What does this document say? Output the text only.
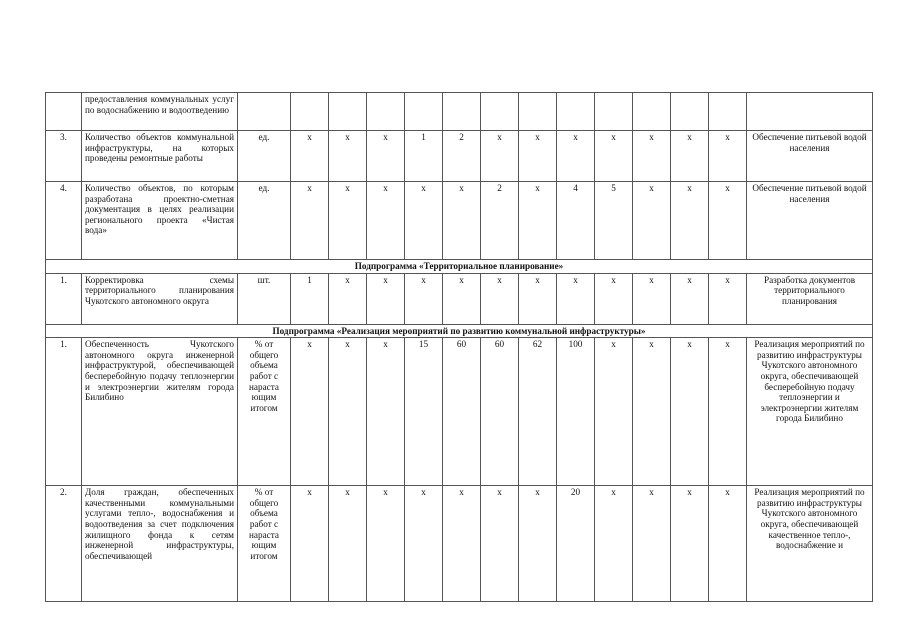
	предоставления коммунальных услуг по водоснабжению и водоотведению														
3.	Количество объектов коммунальной инфраструктуры, на которых проведены ремонтные работы	ед.	х	х	х	1	2	х	х	х	х	х	х	х	Обеспечение питьевой водой населения
4.	Количество объектов, по которым разработана проектно-сметная документация в целях реализации регионального проекта «Чистая вода»	ед.	х	х	х	х	х	2	х	4	5	х	х	х	Обеспечение питьевой водой населения
Подпрограмма «Территориальное планирование»															
1.	Корректировка схемы территориального планирования Чукотского автономного округа	шт.	1	х	х	х	х	х	х	х	х	х	х	х	Разработка документов территориального планирования
Подпрограмма «Реализация мероприятий по развитию коммунальной инфраструктуры»															
1.	Обеспеченность Чукотского автономного округа инженерной инфраструктурой, обеспечивающей бесперебойную подачу теплоэнергии и электроэнергии жителям города Билибино	% от общего объема работ с нараста ющим итогом	х	х	х	15	60	60	62	100	х	х	х	х	Реализация мероприятий по развитию инфраструктуры Чукотского автономного округа, обеспечивающей бесперебойную подачу теплоэнергии и электроэнергии жителям города Билибино
2.	Доля граждан, обеспеченных качественными коммунальными услугами тепло-, водоснабжения и водоотведения за счет подключения жилищного фонда к сетям инженерной инфраструктуры, обеспечивающей	% от общего объема работ с нараста ющим итогом	х	х	х	х	х	х	х	20	х	х	х	х	Реализация мероприятий по развитию инфраструктуры Чукотского автономного округа, обеспечивающей качественное тепло-, водоснабжение и
